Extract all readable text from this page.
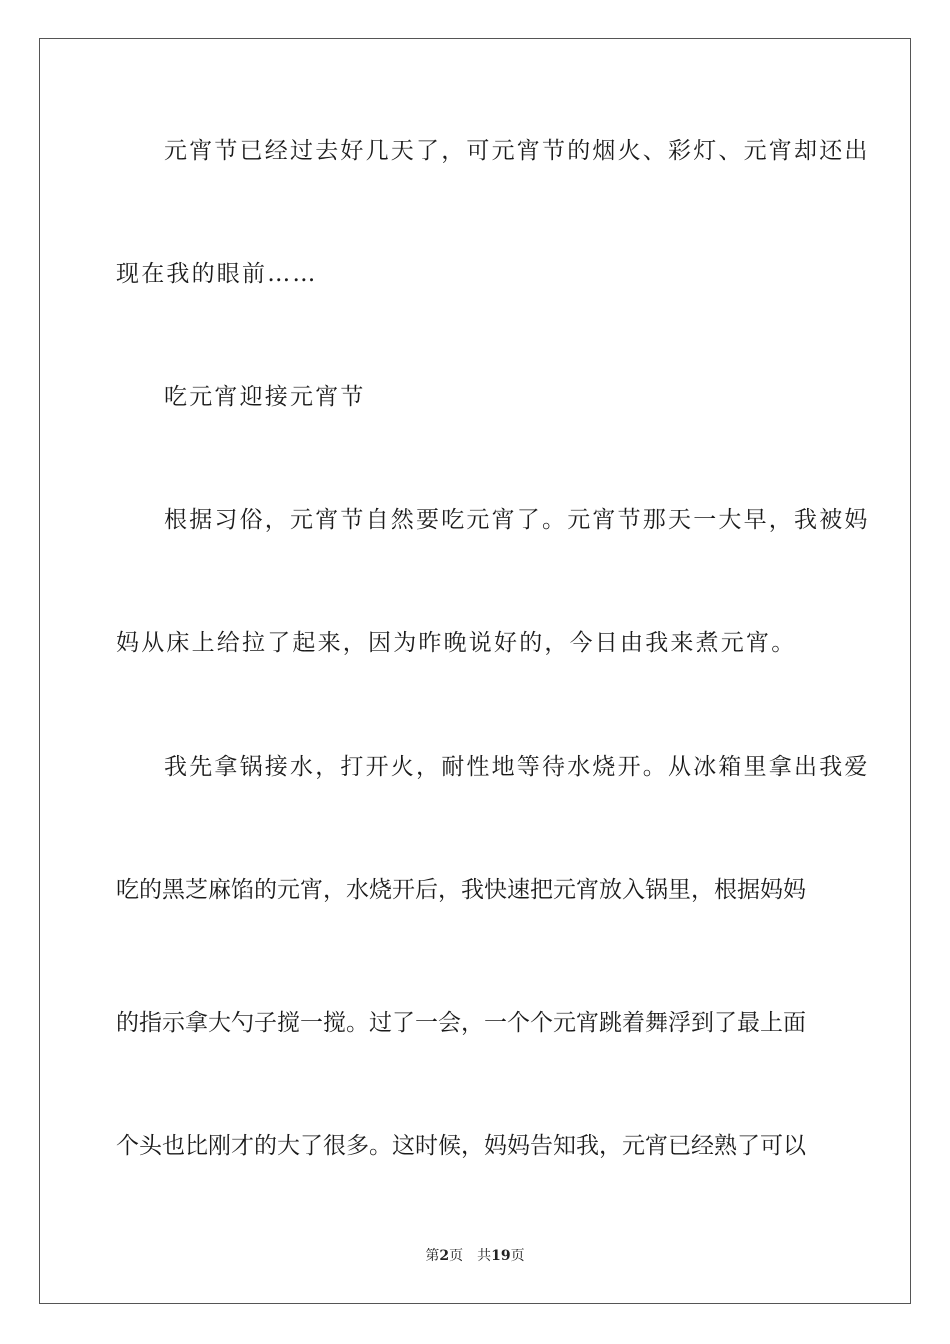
元宵节已经过去好几天了，可元宵节的烟火、彩灯、元宵却还出
现在我的眼前……
吃元宵迎接元宵节
根据习俗，元宵节自然要吃元宵了。元宵节那天一大早，我被妈
妈从床上给拉了起来，因为昨晚说好的，今日由我来煮元宵。
我先拿锅接水，打开火，耐性地等待水烧开。从冰箱里拿出我爱
吃的黑芝麻馅的元宵，水烧开后，我快速把元宵放入锅里，根据妈妈
的指示拿大勺子搅一搅。过了一会，一个个元宵跳着舞浮到了最上面
个头也比刚才的大了很多。这时候，妈妈告知我，元宵已经熟了可以
第2页 共19页
